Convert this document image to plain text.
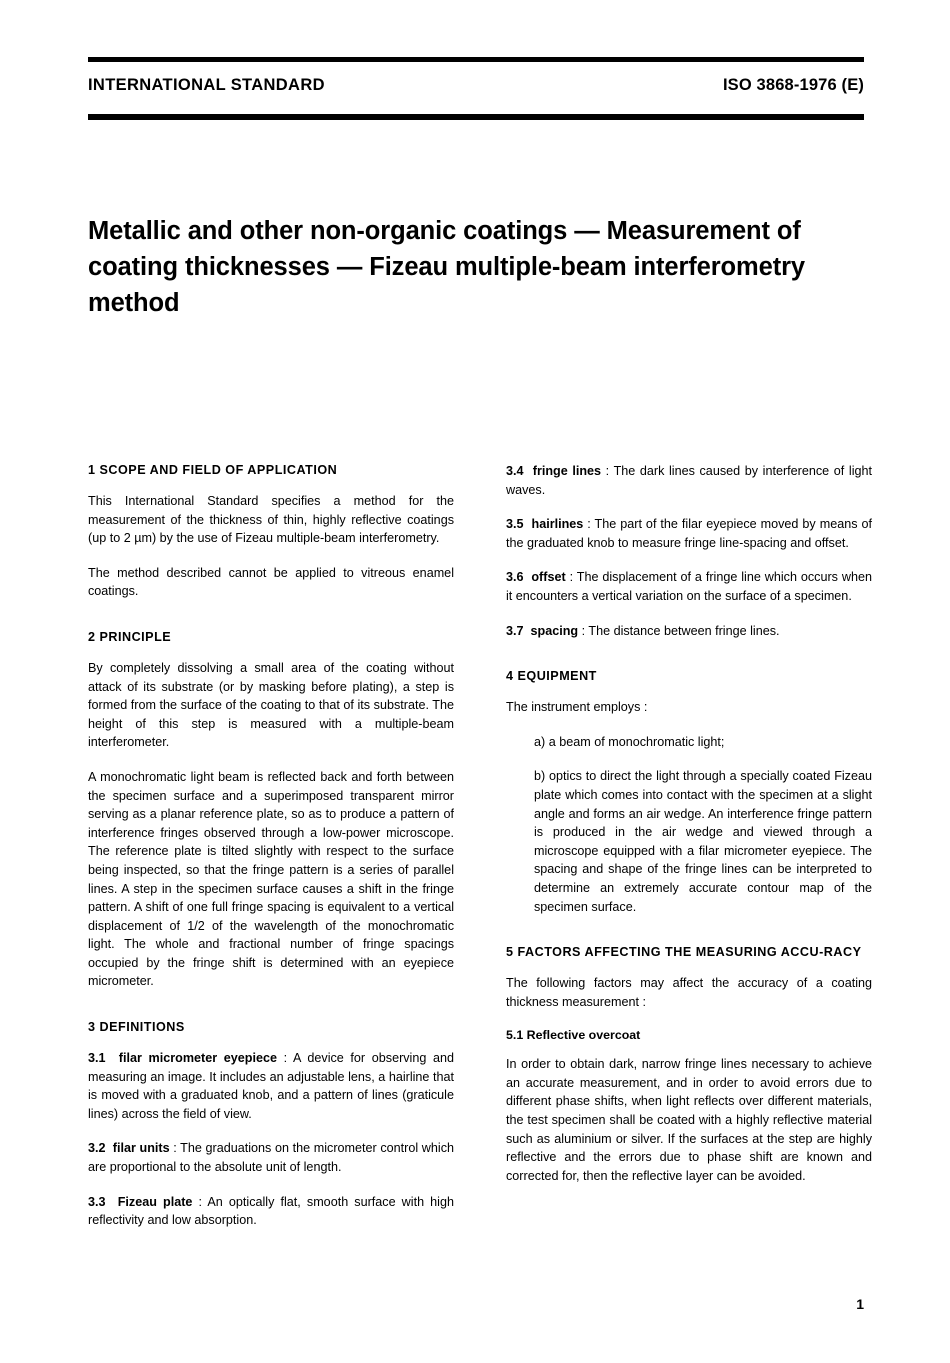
INTERNATIONAL STANDARD	ISO 3868-1976 (E)
Metallic and other non-organic coatings — Measurement of coating thicknesses — Fizeau multiple-beam interferometry method
1 SCOPE AND FIELD OF APPLICATION

This International Standard specifies a method for the measurement of the thickness of thin, highly reflective coatings (up to 2 µm) by the use of Fizeau multiple-beam interferometry.

The method described cannot be applied to vitreous enamel coatings.

2 PRINCIPLE

By completely dissolving a small area of the coating without attack of its substrate (or by masking before plating), a step is formed from the surface of the coating to that of its substrate. The height of this step is measured with a multiple-beam interferometer.

A monochromatic light beam is reflected back and forth between the specimen surface and a superimposed transparent mirror serving as a planar reference plate, so as to produce a pattern of interference fringes observed through a low-power microscope. The reference plate is tilted slightly with respect to the surface being inspected, so that the fringe pattern is a series of parallel lines. A step in the specimen surface causes a shift in the fringe pattern. A shift of one full fringe spacing is equivalent to a vertical displacement of 1/2 of the wavelength of the monochromatic light. The whole and fractional number of fringe spacings occupied by the fringe shift is determined with an eyepiece micrometer.

3 DEFINITIONS

3.1 filar micrometer eyepiece : A device for observing and measuring an image. It includes an adjustable lens, a hairline that is moved with a graduated knob, and a pattern of lines (graticule lines) across the field of view.

3.2 filar units : The graduations on the micrometer control which are proportional to the absolute unit of length.

3.3 Fizeau plate : An optically flat, smooth surface with high reflectivity and low absorption.

3.4 fringe lines : The dark lines caused by interference of light waves.

3.5 hairlines : The part of the filar eyepiece moved by means of the graduated knob to measure fringe line-spacing and offset.

3.6 offset : The displacement of a fringe line which occurs when it encounters a vertical variation on the surface of a specimen.

3.7 spacing : The distance between fringe lines.

4 EQUIPMENT

The instrument employs :

a) a beam of monochromatic light;

b) optics to direct the light through a specially coated Fizeau plate which comes into contact with the specimen at a slight angle and forms an air wedge. An interference fringe pattern is produced in the air wedge and viewed through a microscope equipped with a filar micrometer eyepiece. The spacing and shape of the fringe lines can be interpreted to determine an extremely accurate contour map of the specimen surface.

5 FACTORS AFFECTING THE MEASURING ACCU-RACY

The following factors may affect the accuracy of a coating thickness measurement :

5.1 Reflective overcoat

In order to obtain dark, narrow fringe lines necessary to achieve an accurate measurement, and in order to avoid errors due to different phase shifts, when light reflects over different materials, the test specimen shall be coated with a highly reflective material such as aluminium or silver. If the surfaces at the step are highly reflective and the errors due to phase shift are known and corrected for, then the reflective layer can be avoided.

1
